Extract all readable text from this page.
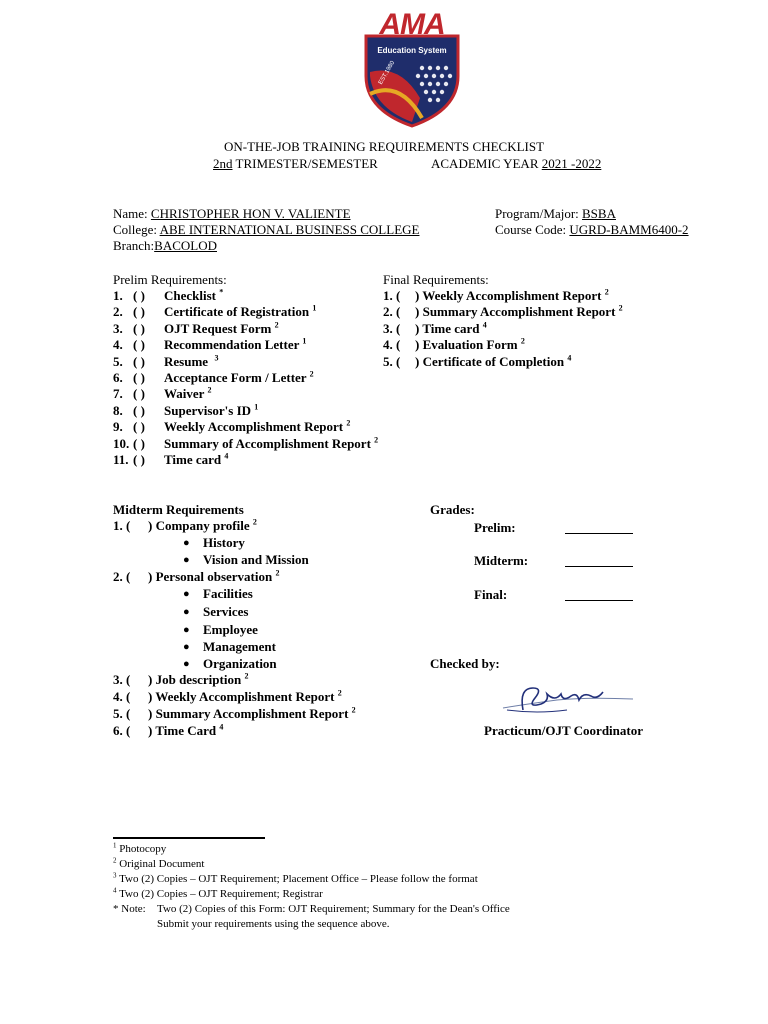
AMA
Education System
EST.1980
ON-THE-JOB TRAINING REQUIREMENTS CHECKLIST
2nd TRIMESTER/SEMESTER	ACADEMIC YEAR 2021 -2022
Name: CHRISTOPHER HON V. VALIENTE
College: ABE INTERNATIONAL BUSINESS COLLEGE
Branch:BACOLOD
Program/Major: BSBA
Course Code: UGRD-BAMM6400-2
Prelim Requirements:
1. ( ) Checklist *
2. ( ) Certificate of Registration $^1$
3. ( ) OJT Request Form $^2$
4. ( ) Recommendation Letter $^1$
5. ( ) Resume $^3$
6. ( ) Acceptance Form / Letter $^2$
7. ( ) Waiver $^2$
8. ( ) Supervisor's ID $^1$
9. ( ) Weekly Accomplishment Report $^2$
10. ( ) Summary of Accomplishment Report $^2$
11. ( ) Time card $^4$
Final Requirements:
1. ( ) Weekly Accomplishment Report $^2$
2. ( ) Summary Accomplishment Report $^2$
3. ( ) Time card $^4$
4. ( ) Evaluation Form $^2$
5. ( ) Certificate of Completion $^4$
Midterm Requirements
1. ( ) Company profile $^2$
● History
● Vision and Mission
2. ( ) Personal observation $^2$
● Facilities
● Services
● Employee
● Management
● Organization
3. ( ) Job description $^2$
4. ( ) Weekly Accomplishment Report $^2$
5. ( ) Summary Accomplishment Report $^2$
6. ( ) Time Card $^4$
Grades:
Prelim:
Midterm:
Final:
Checked by:
Practicum/OJT Coordinator
$^1$ Photocopy
$^2$ Original Document
$^3$ Two (2) Copies – OJT Requirement; Placement Office – Please follow the format
$^4$ Two (2) Copies – OJT Requirement; Registrar
* Note: Two (2) Copies of this Form: OJT Requirement; Summary for the Dean's Office
Submit your requirements using the sequence above.
